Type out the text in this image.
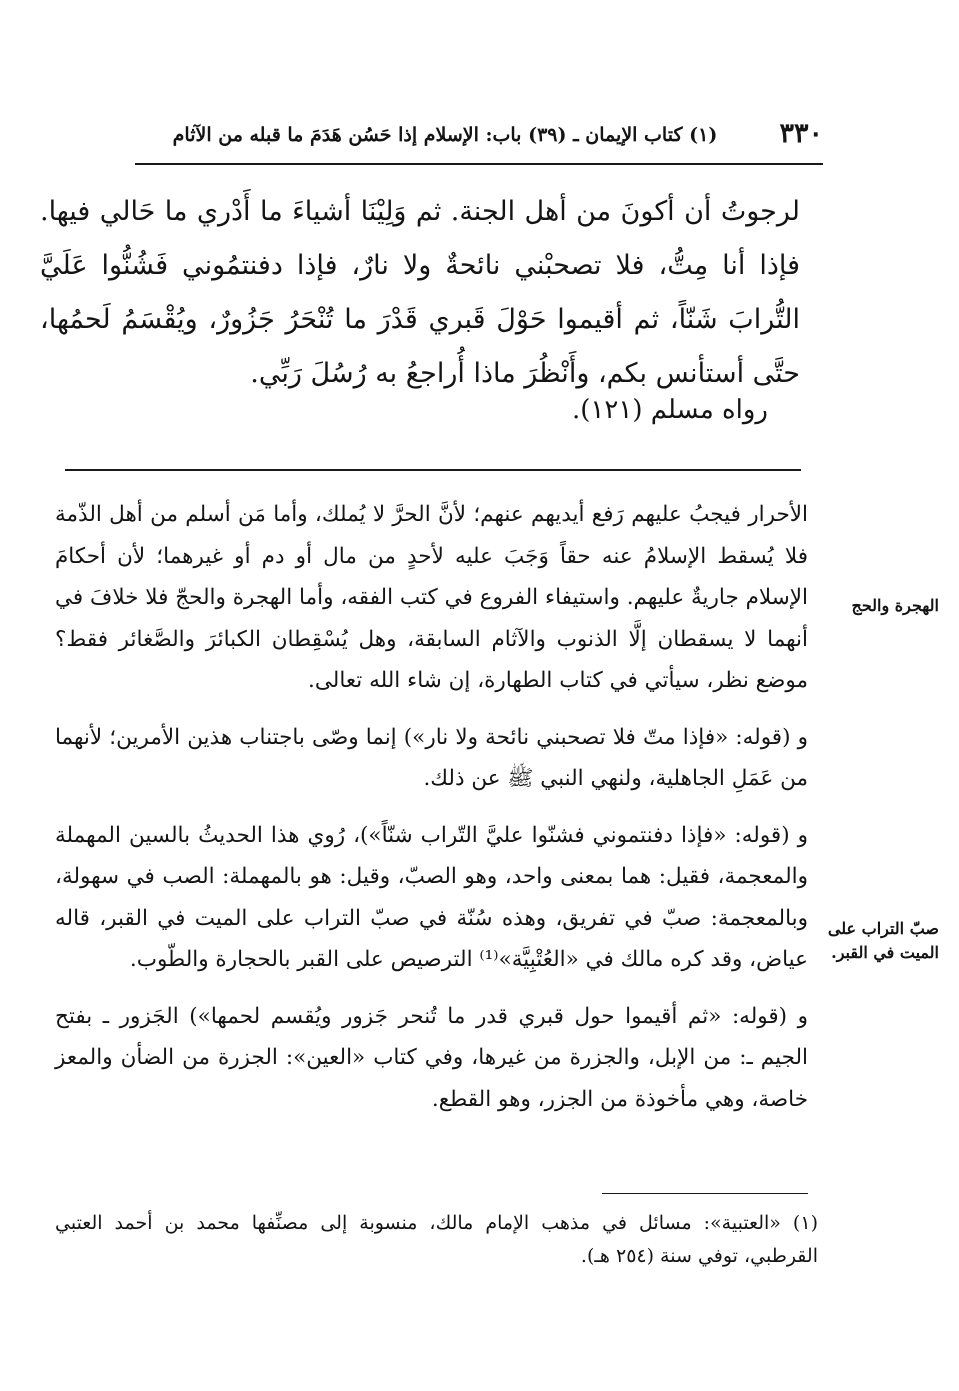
٣٣٠
(١) كتاب الإيمان ـ (٣٩) باب: الإسلام إذا حَسُن هَدَمَ ما قبله من الآثام
لرجوتُ أن أكونَ من أهل الجنة. ثم وَلِيْنَا أشياءَ ما أَدْري ما حَالي فيها. فإذا أنا مِتُّ، فلا تصحبْني نائحةٌ ولا نارٌ، فإذا دفنتمُوني فَشُنُّوا عَلَيَّ التُّرابَ شَنّاً، ثم أقيموا حَوْلَ قَبري قَدْرَ ما تُنْحَرُ جَزُورٌ، ويُقْسَمُ لَحمُها، حتَّى أستأنس بكم، وأَنْظُرَ ماذا أُراجعُ به رُسُلَ رَبِّي.
رواه مسلم (١٢١).

الأحرار فيجبُ عليهم رَفع أيديهم عنهم؛ لأنَّ الحرَّ لا يُملك، وأما مَن أسلم من أهل الذّمة فلا يُسقط الإسلامُ عنه حقاً وَجَبَ عليه لأحدٍ من مال أو دم أو غيرهما؛ لأن أحكامَ الإسلام جاريةٌ عليهم. واستيفاء الفروع في كتب الفقه، وأما الهجرة والحجّ فلا خلافَ في أنهما لا يسقطان إلَّا الذنوب والآثام السابقة، وهل يُسْقِطان الكبائرَ والصَّغائر فقط؟ موضع نظر، سيأتي في كتاب الطهارة، إن شاء الله تعالى.

و (قوله: «فإذا متّ فلا تصحبني نائحة ولا نار») إنما وصّى باجتناب هذين الأمرين؛ لأنهما من عَمَلِ الجاهلية، ولنهي النبي ﷺ عن ذلك.

و (قوله: «فإذا دفنتموني فشنّوا عليَّ التّراب شنّاً»)، رُوي هذا الحديثُ بالسين المهملة والمعجمة، فقيل: هما بمعنى واحد، وهو الصبّ، وقيل: هو بالمهملة: الصب في سهولة، وبالمعجمة: صبّ في تفريق، وهذه سُنّة في صبّ التراب على الميت في القبر، قاله عياض، وقد كره مالك في «العُتْبِيَّة»⁽¹⁾ الترصيص على القبر بالحجارة والطّوب.

و (قوله: «ثم أقيموا حول قبري قدر ما تُنحر جَزور ويُقسم لحمها») الجَزور ـ بفتح الجيم ـ: من الإبل، والجزرة من غيرها، وفي كتاب «العين»: الجزرة من الضأن والمعز خاصة، وهي مأخوذة من الجزر، وهو القطع.

الهجرة والحج
صبّ التراب على الميت في القبر.
(١) «العتبية»: مسائل في مذهب الإمام مالك، منسوبة إلى مصنِّفها محمد بن أحمد العتبي القرطبي، توفي سنة (٢٥٤ هـ).
